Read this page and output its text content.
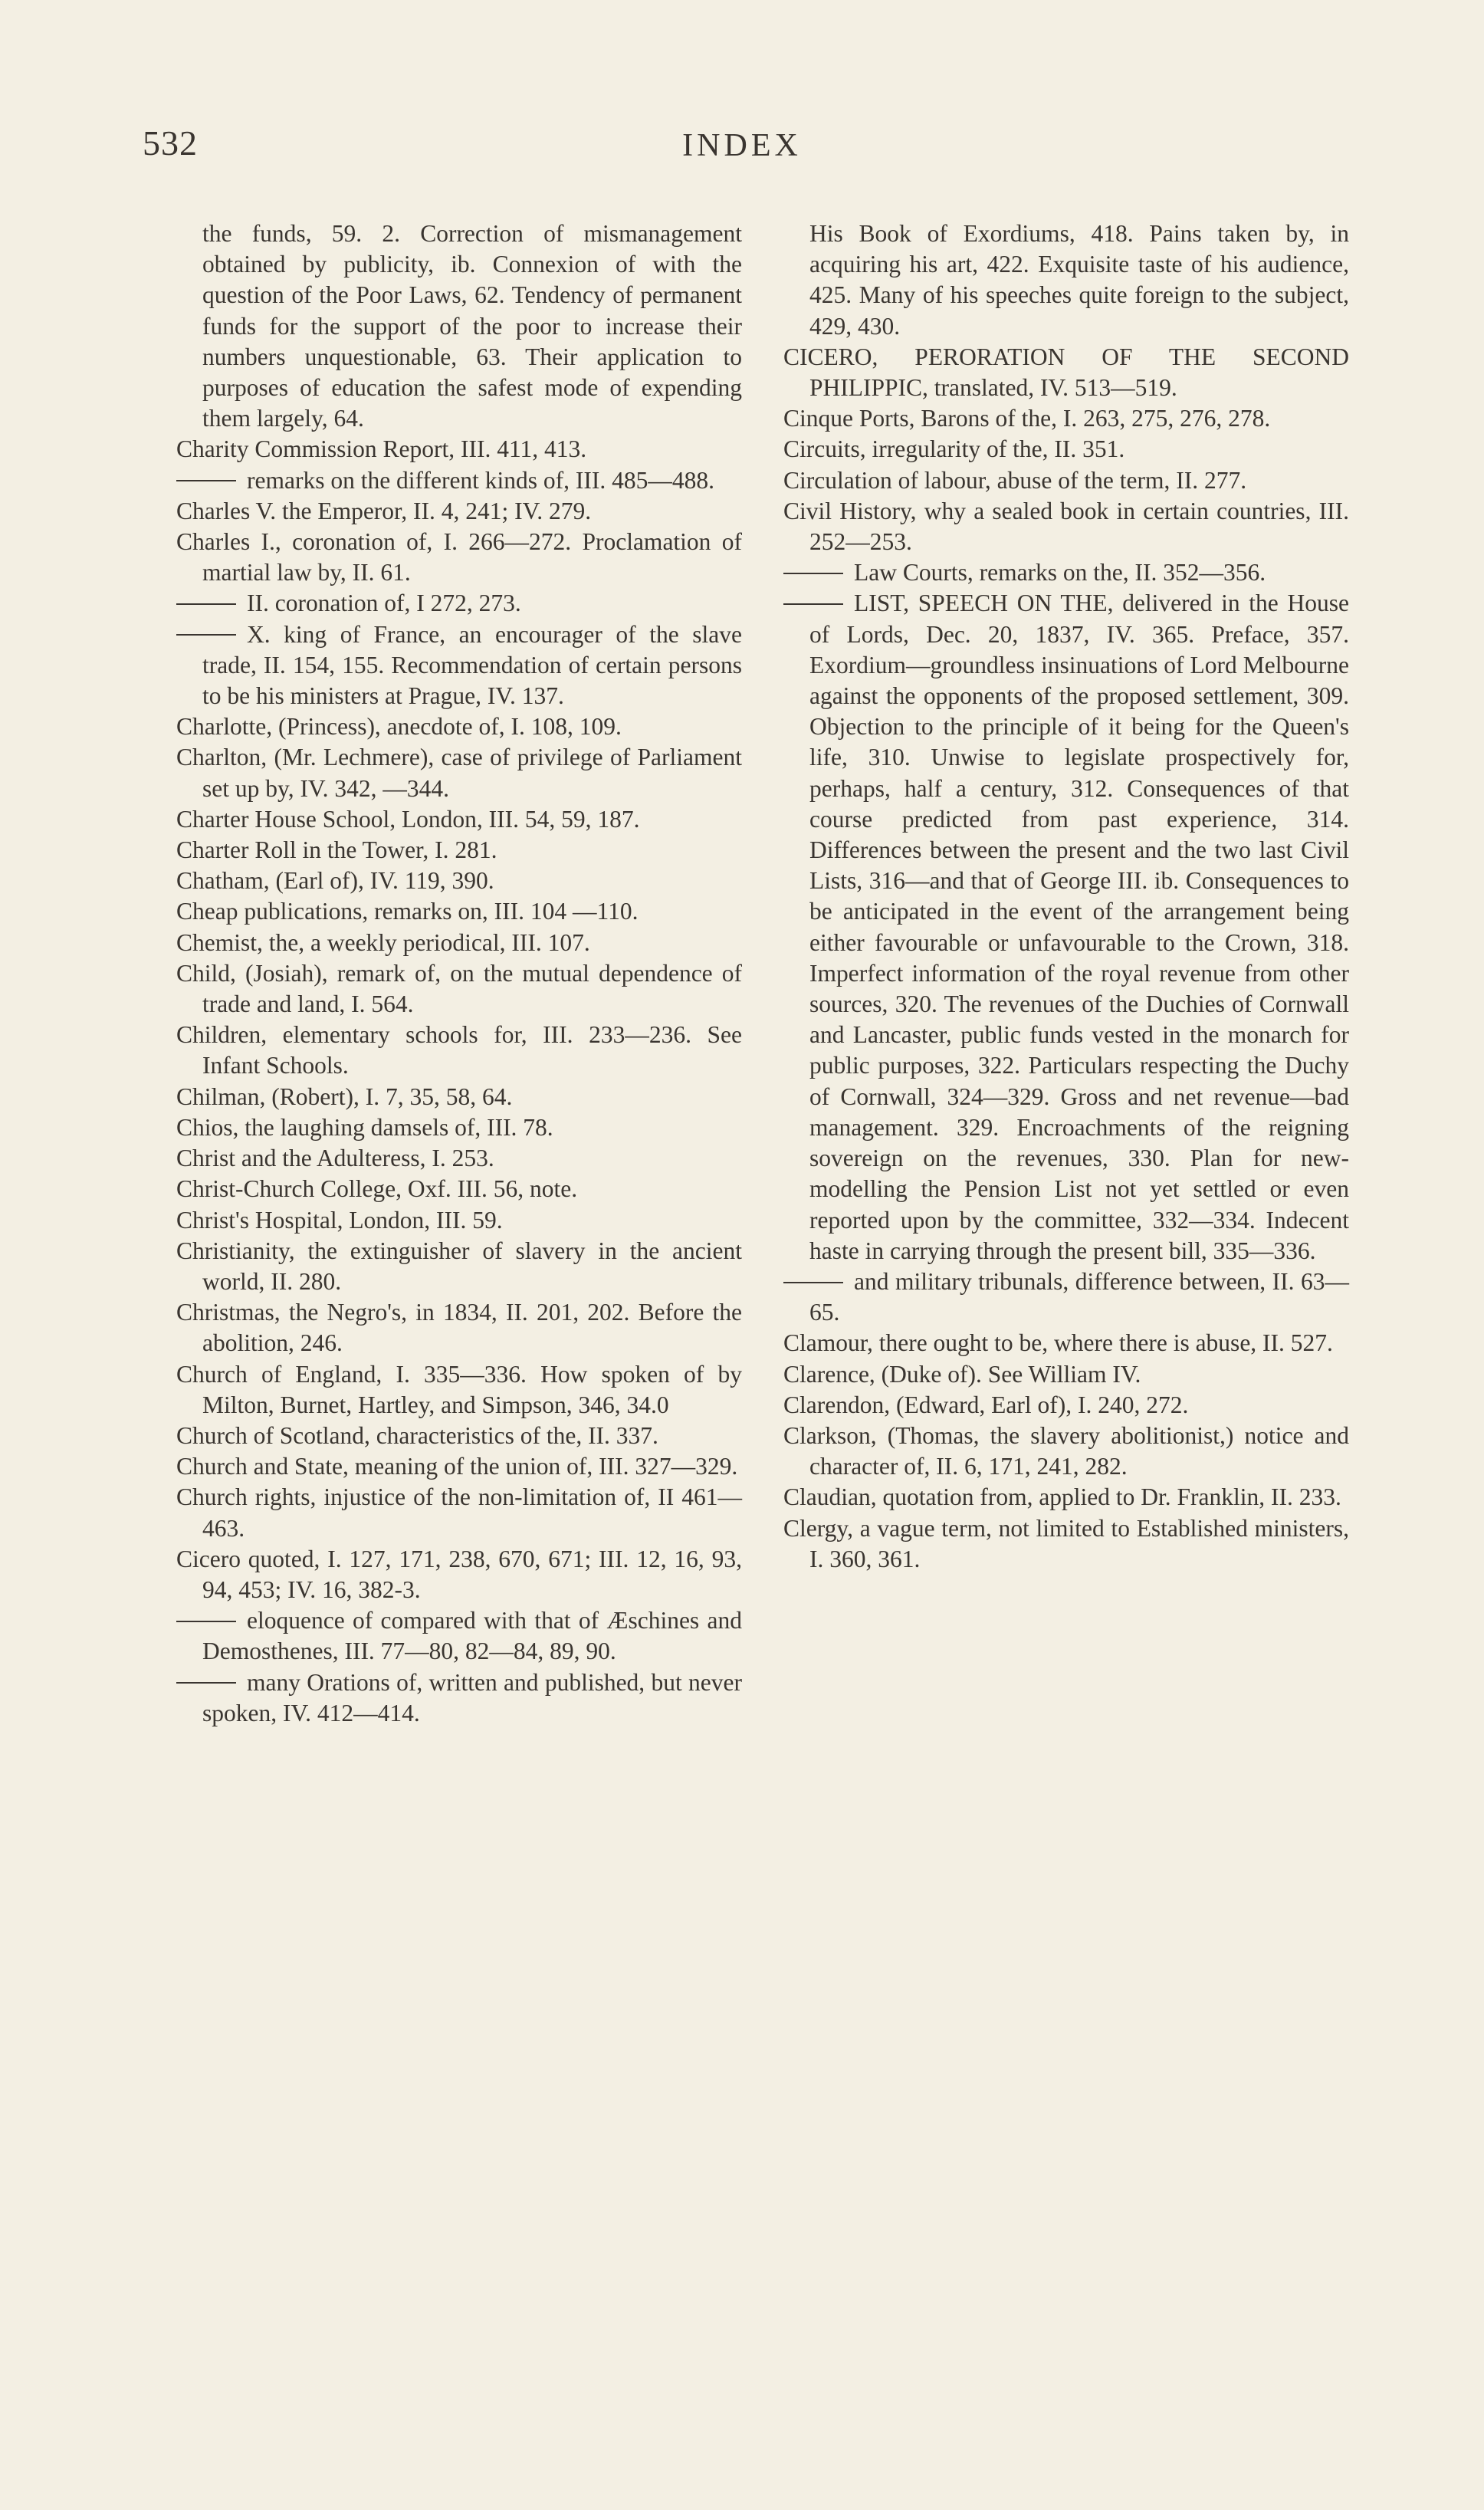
532	INDEX

the funds, 59. 2. Correction of mismanagement obtained by publicity, ib. Connexion of with the question of the Poor Laws, 62. Tendency of permanent funds for the support of the poor to increase their numbers unquestionable, 63. Their application to purposes of education the safest mode of expending them largely, 64.

Charity Commission Report, III. 411, 413.

remarks on the different kinds of, III. 485—488.

Charles V. the Emperor, II. 4, 241; IV. 279.

Charles I., coronation of, I. 266—272. Proclamation of martial law by, II. 61.

II. coronation of, I 272, 273.

X. king of France, an encourager of the slave trade, II. 154, 155. Recommendation of certain persons to be his ministers at Prague, IV. 137.

Charlotte, (Princess), anecdote of, I. 108, 109.

Charlton, (Mr. Lechmere), case of privilege of Parliament set up by, IV. 342, —344.

Charter House School, London, III. 54, 59, 187.

Charter Roll in the Tower, I. 281.

Chatham, (Earl of), IV. 119, 390.

Cheap publications, remarks on, III. 104 —110.

Chemist, the, a weekly periodical, III. 107.

Child, (Josiah), remark of, on the mutual dependence of trade and land, I. 564.

Children, elementary schools for, III. 233—236. See Infant Schools.

Chilman, (Robert), I. 7, 35, 58, 64.

Chios, the laughing damsels of, III. 78.

Christ and the Adulteress, I. 253.

Christ-Church College, Oxf. III. 56, note.

Christ's Hospital, London, III. 59.

Christianity, the extinguisher of slavery in the ancient world, II. 280.

Christmas, the Negro's, in 1834, II. 201, 202. Before the abolition, 246.

Church of England, I. 335—336. How spoken of by Milton, Burnet, Hartley, and Simpson, 346, 34.0

Church of Scotland, characteristics of the, II. 337.

Church and State, meaning of the union of, III. 327—329.

Church rights, injustice of the non-limitation of, II 461—463.

Cicero quoted, I. 127, 171, 238, 670, 671; III. 12, 16, 93, 94, 453; IV. 16, 382-3.

eloquence of compared with that of Æschines and Demosthenes, III. 77—80, 82—84, 89, 90.

many Orations of, written and published, but never spoken, IV. 412—414.

His Book of Exordiums, 418. Pains taken by, in acquiring his art, 422. Exquisite taste of his audience, 425. Many of his speeches quite foreign to the subject, 429, 430.

CICERO, PERORATION OF THE SECOND PHILIPPIC, translated, IV. 513—519.

Cinque Ports, Barons of the, I. 263, 275, 276, 278.

Circuits, irregularity of the, II. 351.

Circulation of labour, abuse of the term, II. 277.

Civil History, why a sealed book in certain countries, III. 252—253.

Law Courts, remarks on the, II. 352—356.

LIST, SPEECH ON THE, delivered in the House of Lords, Dec. 20, 1837, IV. 365. Preface, 357. Exordium—groundless insinuations of Lord Melbourne against the opponents of the proposed settlement, 309. Objection to the principle of it being for the Queen's life, 310. Unwise to legislate prospectively for, perhaps, half a century, 312. Consequences of that course predicted from past experience, 314. Differences between the present and the two last Civil Lists, 316—and that of George III. ib. Consequences to be anticipated in the event of the arrangement being either favourable or unfavourable to the Crown, 318. Imperfect information of the royal revenue from other sources, 320. The revenues of the Duchies of Cornwall and Lancaster, public funds vested in the monarch for public purposes, 322. Particulars respecting the Duchy of Cornwall, 324—329. Gross and net revenue—bad management. 329. Encroachments of the reigning sovereign on the revenues, 330. Plan for new-modelling the Pension List not yet settled or even reported upon by the committee, 332—334. Indecent haste in carrying through the present bill, 335—336.

and military tribunals, difference between, II. 63—65.

Clamour, there ought to be, where there is abuse, II. 527.

Clarence, (Duke of). See William IV.

Clarendon, (Edward, Earl of), I. 240, 272.

Clarkson, (Thomas, the slavery abolitionist,) notice and character of, II. 6, 171, 241, 282.

Claudian, quotation from, applied to Dr. Franklin, II. 233.

Clergy, a vague term, not limited to Established ministers, I. 360, 361.
